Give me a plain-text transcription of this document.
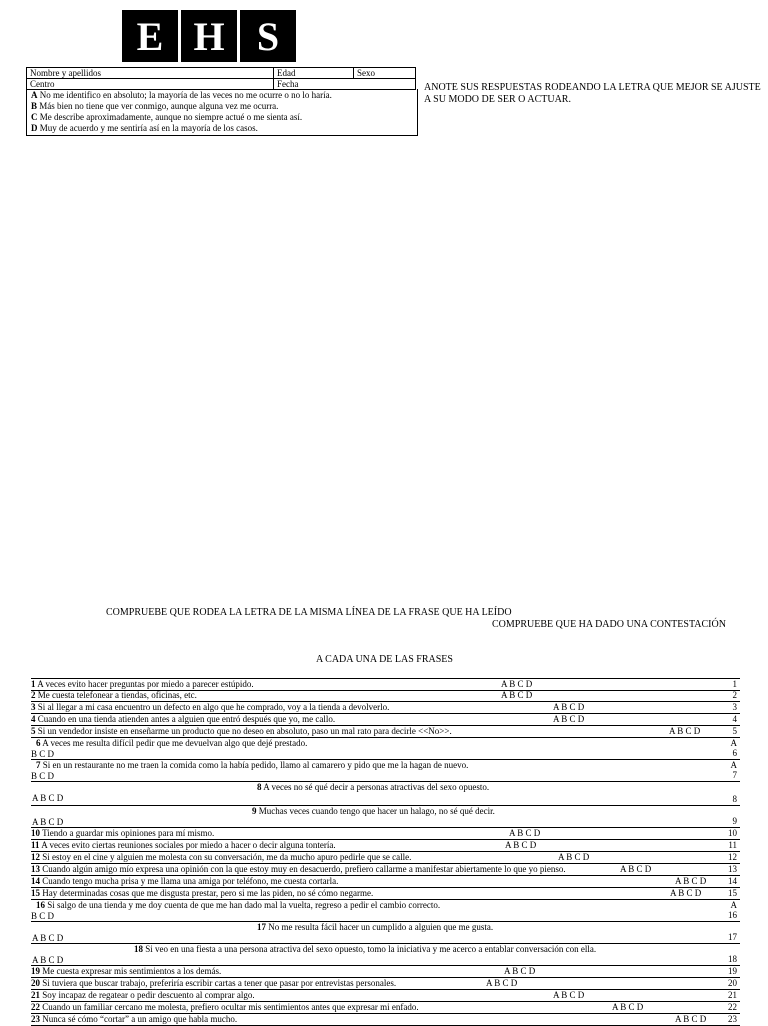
E H S
Nombre y apellidos	Edad	Sexo
Centro	Fecha	
A No me identifico en absoluto; la mayoría de las veces no me ocurre o no lo haría.
B Más bien no tiene que ver conmigo, aunque alguna vez me ocurra.
C Me describe aproximadamente, aunque no siempre actué o me sienta así.
D Muy de acuerdo y me sentiría así en la mayoría de los casos.
ANOTE SUS RESPUESTAS RODEANDO LA LETRA QUE MEJOR SE AJUSTE A SU MODO DE SER O ACTUAR.
COMPRUEBE QUE RODEA LA LETRA DE LA MISMA LÍNEA DE LA FRASE QUE HA LEÍDO
COMPRUEBE QUE HA DADO UNA CONTESTACIÓN
A CADA UNA DE LAS FRASES
1 A veces evito hacer preguntas por miedo a parecer estúpido.	A B C D	1
2 Me cuesta telefonear a tiendas, oficinas, etc.	A B C D	2
3 Si al llegar a mi casa encuentro un defecto en algo que he comprado, voy a la tienda a devolverlo.	A B C D	3
4 Cuando en una tienda atienden antes a alguien que entró después que yo, me callo.	A B C D	4
5 Si un vendedor insiste en enseñarme un producto que no deseo en absoluto, paso un mal rato para decirle <<No>>.	A B C D	5
6 A veces me resulta difícil pedir que me devuelvan algo que dejé prestado.	A
B C D	6
7 Si en un restaurante no me traen la comida como la había pedido, llamo al camarero y pido que me la hagan de nuevo.	A
B C D	7
8 A veces no sé qué decir a personas atractivas del sexo opuesto.
A B C D	8
9 Muchas veces cuando tengo que hacer un halago, no sé qué decir.
A B C D	9
10 Tiendo a guardar mis opiniones para mí mismo.	A B C D	10
11 A veces evito ciertas reuniones sociales por miedo a hacer o decir alguna tontería.	A B C D	11
12 Si estoy en el cine y alguien me molesta con su conversación, me da mucho apuro pedirle que se calle.	A B C D	12
13 Cuando algún amigo mío expresa una opinión con la que estoy muy en desacuerdo, prefiero callarme a manifestar abiertamente lo que yo pienso.	A B C D	13
14 Cuando tengo mucha prisa y me llama una amiga por teléfono, me cuesta cortarla.	A B C D 14
15 Hay determinadas cosas que me disgusta prestar, pero si me las piden, no sé cómo negarme.	A B C D	15
16 Si salgo de una tienda y me doy cuenta de que me han dado mal la vuelta, regreso a pedir el cambio correcto.	A
B C D	16
17 No me resulta fácil hacer un cumplido a alguien que me gusta.
A B C D	17
18 Si veo en una fiesta a una persona atractiva del sexo opuesto, tomo la iniciativa y me acerco a entablar conversación con ella.
A B C D	18
19 Me cuesta expresar mis sentimientos a los demás.	A B C D	19
20 Si tuviera que buscar trabajo, preferiría escribir cartas a tener que pasar por entrevistas personales.	A B C D	20
21 Soy incapaz de regatear o pedir descuento al comprar algo.	A B C D	21
22 Cuando un familiar cercano me molesta, prefiero ocultar mis sentimientos antes que expresar mi enfado.	A B C D	22
23 Nunca sé cómo “cortar” a un amigo que habla mucho.	A B C D 23
